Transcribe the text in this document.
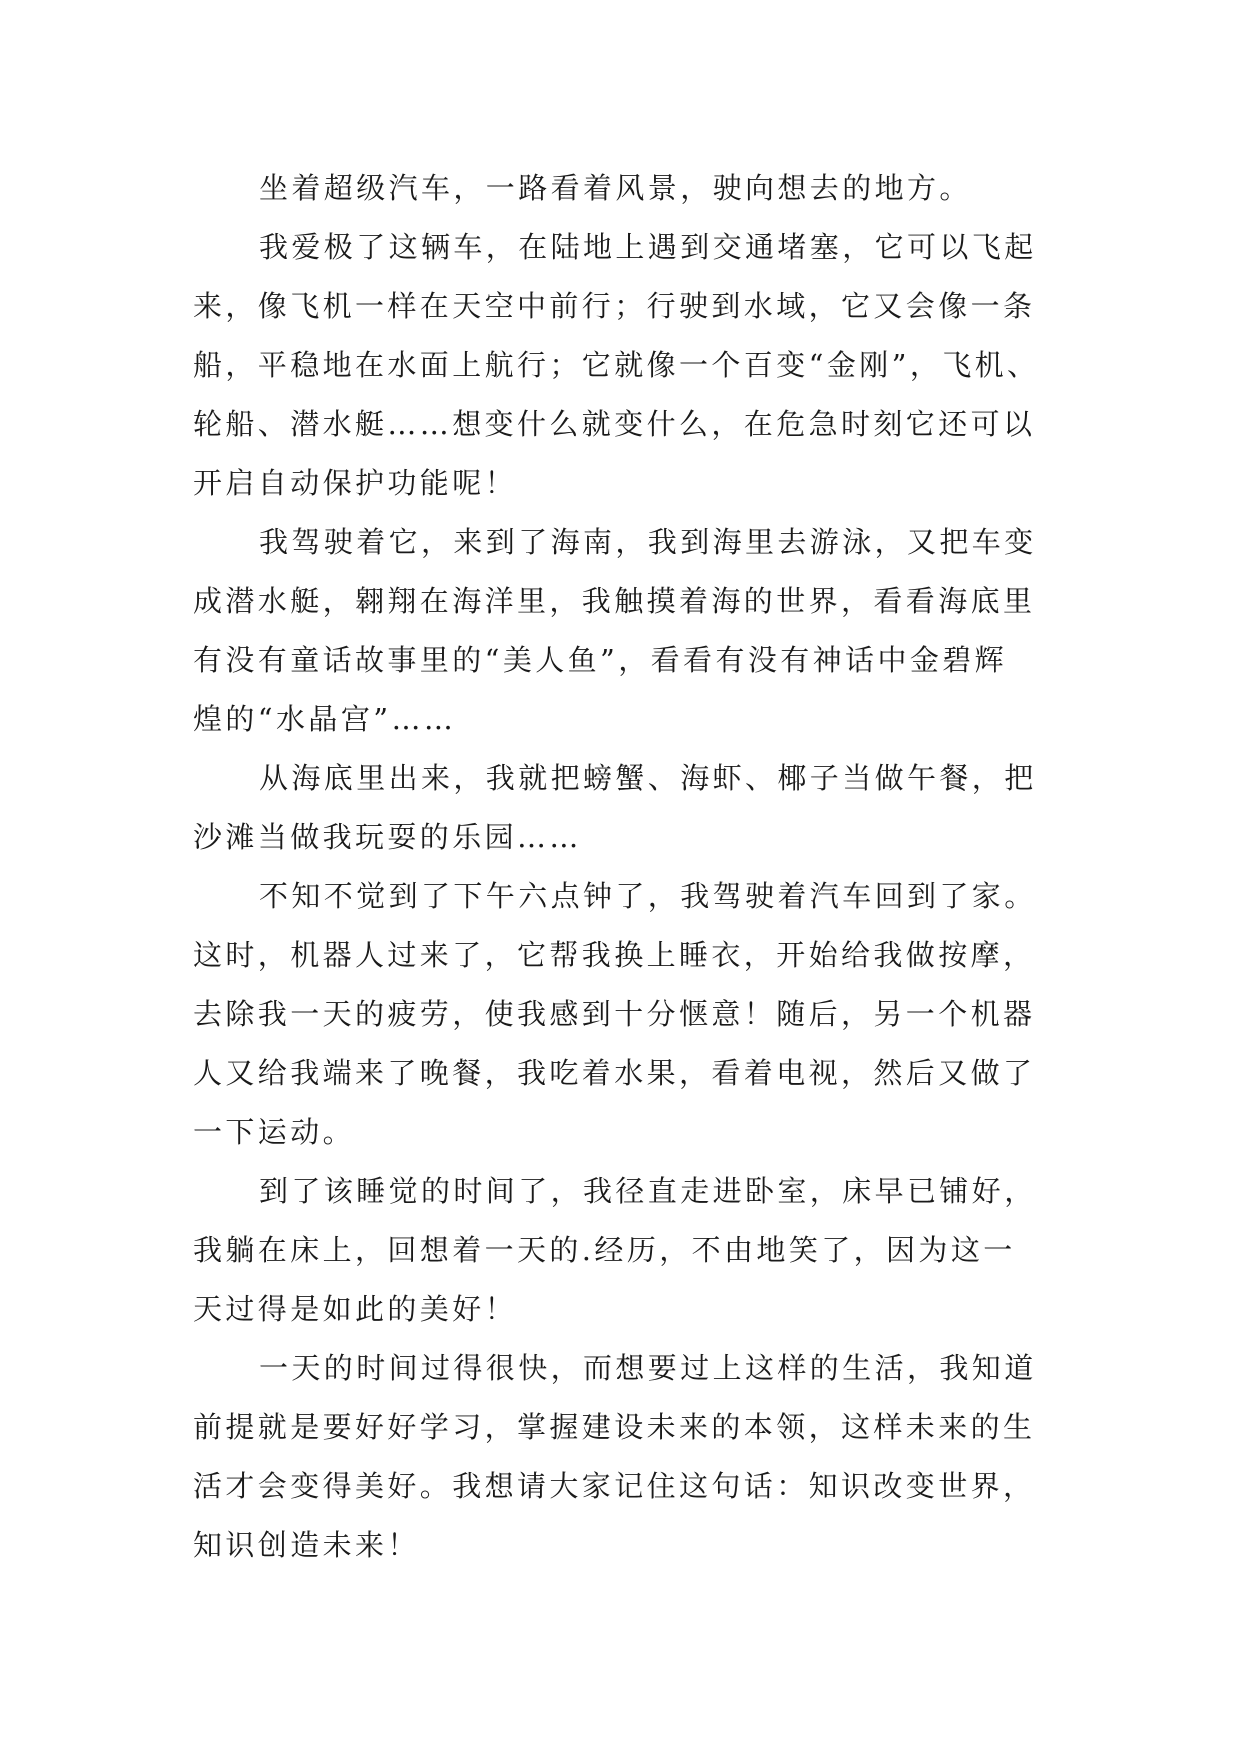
坐着超级汽车，一路看着风景，驶向想去的地方。
我爱极了这辆车，在陆地上遇到交通堵塞，它可以飞起
来，像飞机一样在天空中前行；行驶到水域，它又会像一条
船，平稳地在水面上航行；它就像一个百变“金刚”，飞机、
轮船、潜水艇……想变什么就变什么，在危急时刻它还可以
开启自动保护功能呢！
我驾驶着它，来到了海南，我到海里去游泳，又把车变
成潜水艇，翱翔在海洋里，我触摸着海的世界，看看海底里
有没有童话故事里的“美人鱼”，看看有没有神话中金碧辉
煌的“水晶宫”……
从海底里出来，我就把螃蟹、海虾、椰子当做午餐，把
沙滩当做我玩耍的乐园……
不知不觉到了下午六点钟了，我驾驶着汽车回到了家。
这时，机器人过来了，它帮我换上睡衣，开始给我做按摩，
去除我一天的疲劳，使我感到十分惬意！随后，另一个机器
人又给我端来了晚餐，我吃着水果，看着电视，然后又做了
一下运动。
到了该睡觉的时间了，我径直走进卧室，床早已铺好，
我躺在床上，回想着一天的.经历，不由地笑了，因为这一
天过得是如此的美好！
一天的时间过得很快，而想要过上这样的生活，我知道
前提就是要好好学习，掌握建设未来的本领，这样未来的生
活才会变得美好。我想请大家记住这句话：知识改变世界，
知识创造未来！
